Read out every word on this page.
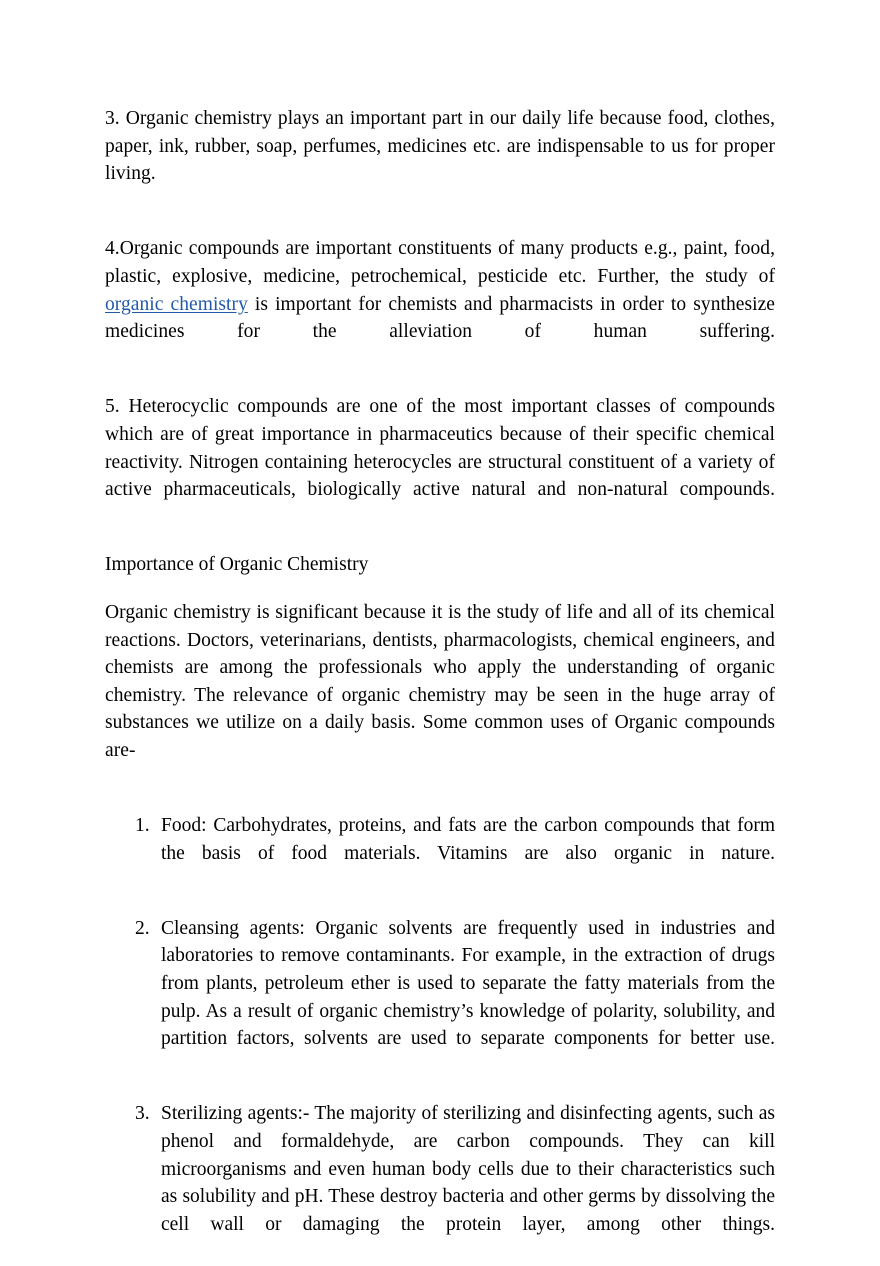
3. Organic chemistry plays an important part in our daily life because food, clothes, paper, ink, rubber, soap, perfumes, medicines etc. are indispensable to us for proper living.

4.Organic compounds are important constituents of many products e.g., paint, food, plastic, explosive, medicine, petrochemical, pesticide etc. Further, the study of organic chemistry is important for chemists and pharmacists in order to synthesize medicines for the alleviation of human suffering.

5. Heterocyclic compounds are one of the most important classes of compounds which are of great importance in pharmaceutics because of their specific chemical reactivity. Nitrogen containing heterocycles are structural constituent of a variety of active pharmaceuticals, biologically active natural and non-natural compounds.

Importance of Organic Chemistry

Organic chemistry is significant because it is the study of life and all of its chemical reactions. Doctors, veterinarians, dentists, pharmacologists, chemical engineers, and chemists are among the professionals who apply the understanding of organic chemistry. The relevance of organic chemistry may be seen in the huge array of substances we utilize on a daily basis. Some common uses of Organic compounds are-

1. Food: Carbohydrates, proteins, and fats are the carbon compounds that form the basis of food materials. Vitamins are also organic in nature.
2. Cleansing agents: Organic solvents are frequently used in industries and laboratories to remove contaminants. For example, in the extraction of drugs from plants, petroleum ether is used to separate the fatty materials from the pulp. As a result of organic chemistry’s knowledge of polarity, solubility, and partition factors, solvents are used to separate components for better use.
3. Sterilizing agents:- The majority of sterilizing and disinfecting agents, such as phenol and formaldehyde, are carbon compounds. They can kill microorganisms and even human body cells due to their characteristics such as solubility and pH. These destroy bacteria and other germs by dissolving the cell wall or damaging the protein layer, among other things.
